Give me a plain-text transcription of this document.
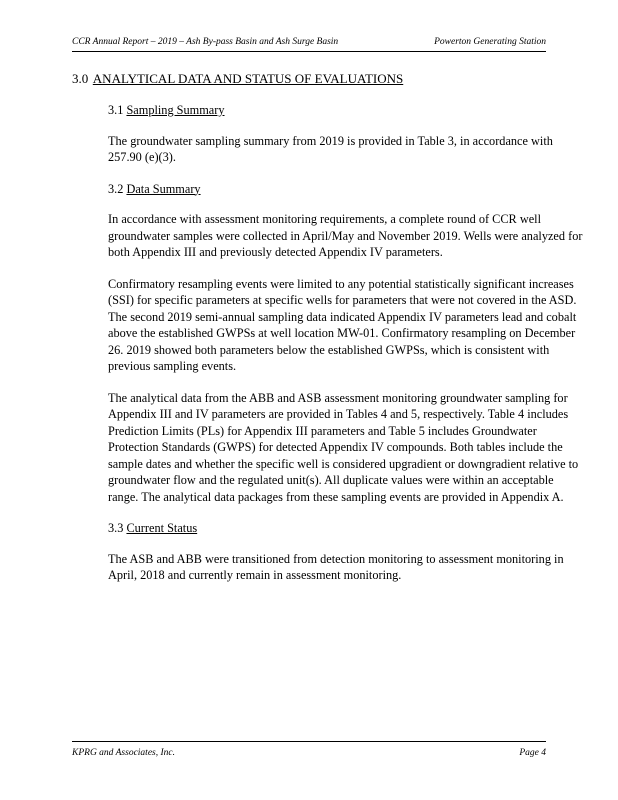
CCR Annual Report – 2019 – Ash By-pass Basin and Ash Surge Basin	Powerton Generating Station
3.0 ANALYTICAL DATA AND STATUS OF EVALUATIONS
3.1 Sampling Summary

The groundwater sampling summary from 2019 is provided in Table 3, in accordance with 257.90 (e)(3).

3.2 Data Summary

In accordance with assessment monitoring requirements, a complete round of CCR well groundwater samples were collected in April/May and November 2019. Wells were analyzed for both Appendix III and previously detected Appendix IV parameters.

Confirmatory resampling events were limited to any potential statistically significant increases (SSI) for specific parameters at specific wells for parameters that were not covered in the ASD. The second 2019 semi-annual sampling data indicated Appendix IV parameters lead and cobalt above the established GWPSs at well location MW-01. Confirmatory resampling on December 26. 2019 showed both parameters below the established GWPSs, which is consistent with previous sampling events.

The analytical data from the ABB and ASB assessment monitoring groundwater sampling for Appendix III and IV parameters are provided in Tables 4 and 5, respectively. Table 4 includes Prediction Limits (PLs) for Appendix III parameters and Table 5 includes Groundwater Protection Standards (GWPS) for detected Appendix IV compounds. Both tables include the sample dates and whether the specific well is considered upgradient or downgradient relative to groundwater flow and the regulated unit(s). All duplicate values were within an acceptable range. The analytical data packages from these sampling events are provided in Appendix A.

3.3 Current Status

The ASB and ABB were transitioned from detection monitoring to assessment monitoring in April, 2018 and currently remain in assessment monitoring.

KPRG and Associates, Inc.	Page 4
